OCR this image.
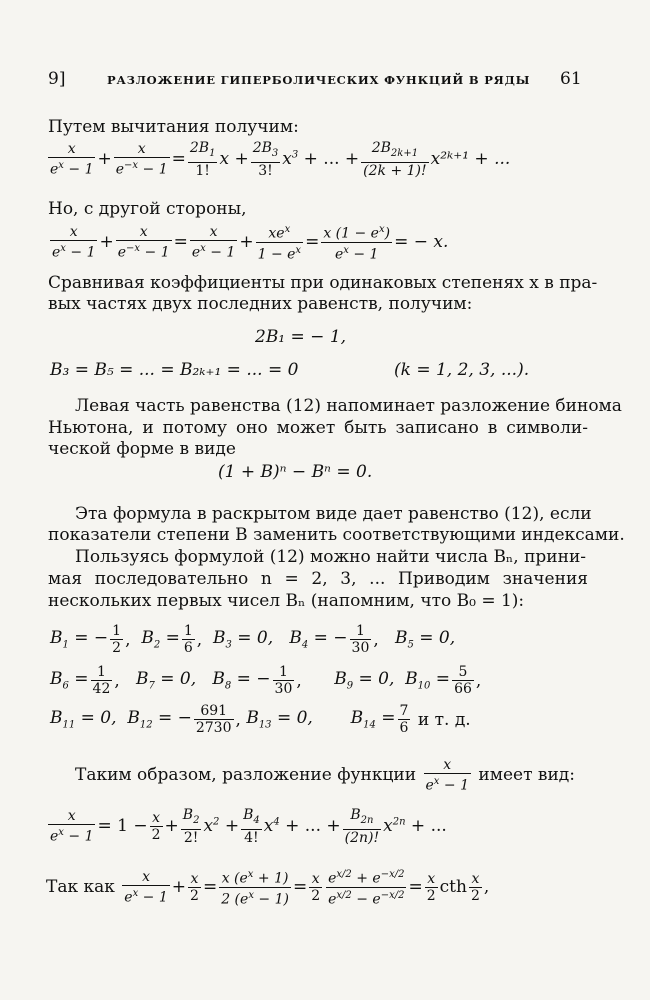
9]	РАЗЛОЖЕНИЕ ГИПЕРБОЛИЧЕСКИХ ФУНКЦИЙ В РЯДЫ 61
Путем вычитания получим:
$\frac{x}{e^x - 1} + \frac{x}{e^{-x} - 1} = \frac{2B_1}{1!}$ x
+ $\frac{2B_3}{3!} x^3$ + ... + $\frac{2B_{2k+1}}{(2k + 1)!}$ x²ᵏ⁺¹ + ...
Но, с другой стороны,
$\frac{x}{e^x - 1} + \frac{x}{e^{-x} - 1} = \frac{x}{e^x - 1} + \frac{xe^x}{1 - e^x} = \frac{x (1 - e^x)}{e^x - 1}$ = −
x.
Сравнивая коэффициенты при одинаковых степенях x в пра-
вых частях двух последних равенств, получим:
2B₁ = − 1,
B₃ = B₅ = ... = B₂ₖ₊₁ = ... = 0	(k = 1, 2, 3, ...).
Левая часть равенства (12) напоминает разложение бинома
Ньютона, и потому оно может быть записано в символи-
ческой форме в виде
(1 + B)ⁿ − Bⁿ = 0.
Эта формула в раскрытом виде дает равенство (12), если
показатели степени B заменить соответствующими индексами.
Пользуясь формулой (12) можно найти числа Bₙ, прини-
мая последовательно n = 2, 3, ... Приводим значения
нескольких первых чисел Bₙ (напомним, что B₀ = 1):
$B_1$ = − $\frac{1}{2}$ ,
$B_2 = \frac{1}{6}$ ,
$B_3 = 0$,
$B_4$ = − $\frac{1}{30}$ ,
$B_5 = 0$,
$B_6 = \frac{1}{42}$ ,
$B_7 = 0$,
$B_8$ = − $\frac{1}{30}$ ,
$B_9 = 0$,
$B_{10} = \frac{5}{66}$ ,
$B_{11} = 0$,
$B_{12}$ = − $\frac{691}{2730}$ ,
$B_{13} = 0$,
$B_{14} = \frac{7}{6}$
и т. д.
Таким образом, разложение функции
$\frac{x}{e^x - 1}$
имеет вид:
$\frac{x}{e^x - 1} = 1 - \frac{x}{2} + \frac{B_2}{2!} x^2 + \frac{B_4}{4!} x^4$ + ... + $\frac{B_{2n}}{(2n)!} x^{2n}$ + ...
Так как
$\frac{x}{e^x - 1} + \frac{x}{2} = \frac{x (e^x + 1)}{2 (e^x - 1)} = \frac{x}{2} \frac{e^{x/2} + e^{-x/2}}{e^{x/2} - e^{-x/2}} = \frac{x}{2}$ cth $\frac{x}{2}$ ,
